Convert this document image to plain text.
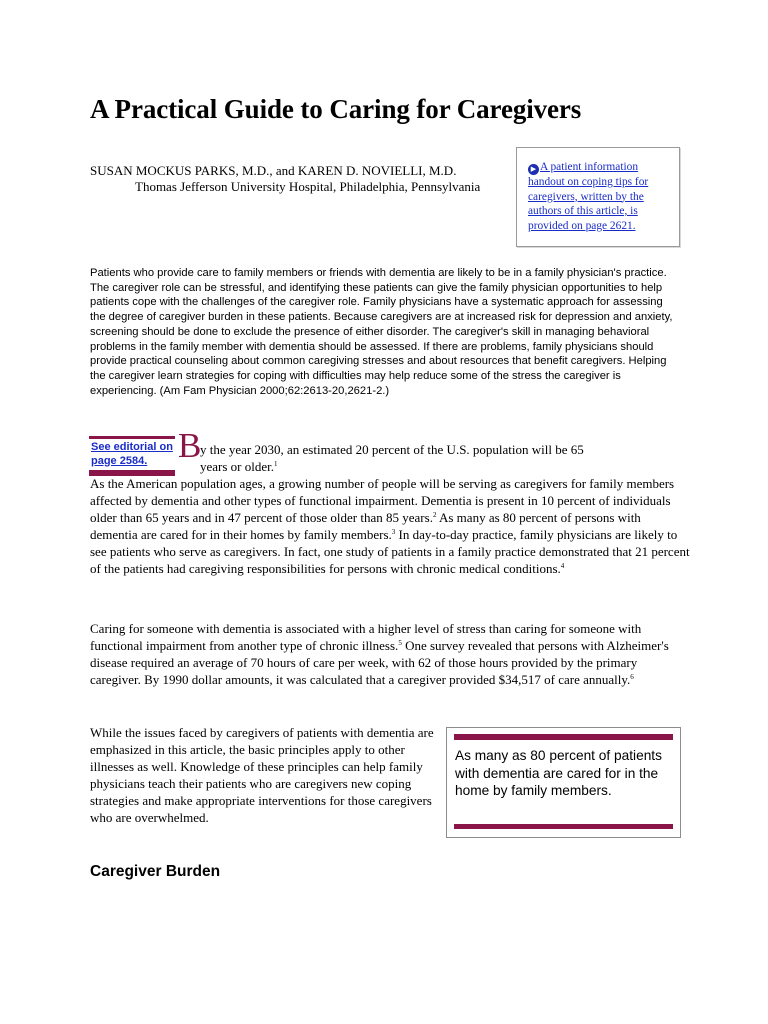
A Practical Guide to Caring for Caregivers
SUSAN MOCKUS PARKS, M.D., and KAREN D. NOVIELLI, M.D.
Thomas Jefferson University Hospital, Philadelphia, Pennsylvania
▶ A patient information handout on coping tips for caregivers, written by the authors of this article, is provided on page 2621.

Patients who provide care to family members or friends with dementia are likely to be in a family physician's practice. The caregiver role can be stressful, and identifying these patients can give the family physician opportunities to help patients cope with the challenges of the caregiver role. Family physicians have a systematic approach for assessing the degree of caregiver burden in these patients. Because caregivers are at increased risk for depression and anxiety, screening should be done to exclude the presence of either disorder. The caregiver's skill in managing behavioral problems in the family member with dementia should be assessed. If there are problems, family physicians should provide practical counseling about common caregiving stresses and about resources that benefit caregivers. Helping the caregiver learn strategies for coping with difficulties may help reduce some of the stress the caregiver is experiencing. (Am Fam Physician 2000;62:2613-20,2621-2.)

See editorial on page 2584. B

y the year 2030, an estimated 20 percent of the U.S. population will be 65
years or older.$^1$
As the American population ages, a growing number of people will be serving as caregivers for family members affected by dementia and other types of functional impairment. Dementia is present in 10 percent of individuals older than 65 years and in 47 percent of those older than 85 years.$^2$ As many as 80 percent of persons with dementia are cared for in their homes by family members.$^3$ In day-to-day practice, family physicians are likely to see patients who serve as caregivers. In fact, one study of patients in a family practice demonstrated that 21 percent of the patients had caregiving responsibilities for persons with chronic medical conditions.$^4$

Caring for someone with dementia is associated with a higher level of stress than caring for someone with functional impairment from another type of chronic illness.$^5$ One survey revealed that persons with Alzheimer's disease required an average of 70 hours of care per week, with 62 of those hours provided by the primary caregiver. By 1990 dollar amounts, it was calculated that a caregiver provided $34,517 of care annually.$^6$

While the issues faced by caregivers of patients with dementia are emphasized in this article, the basic principles apply to other illnesses as well. Knowledge of these principles can help family physicians teach their patients who are caregivers new coping strategies and make appropriate interventions for those caregivers who are overwhelmed.

As many as 80 percent of patients with dementia are cared for in the home by family members.
Caregiver Burden
